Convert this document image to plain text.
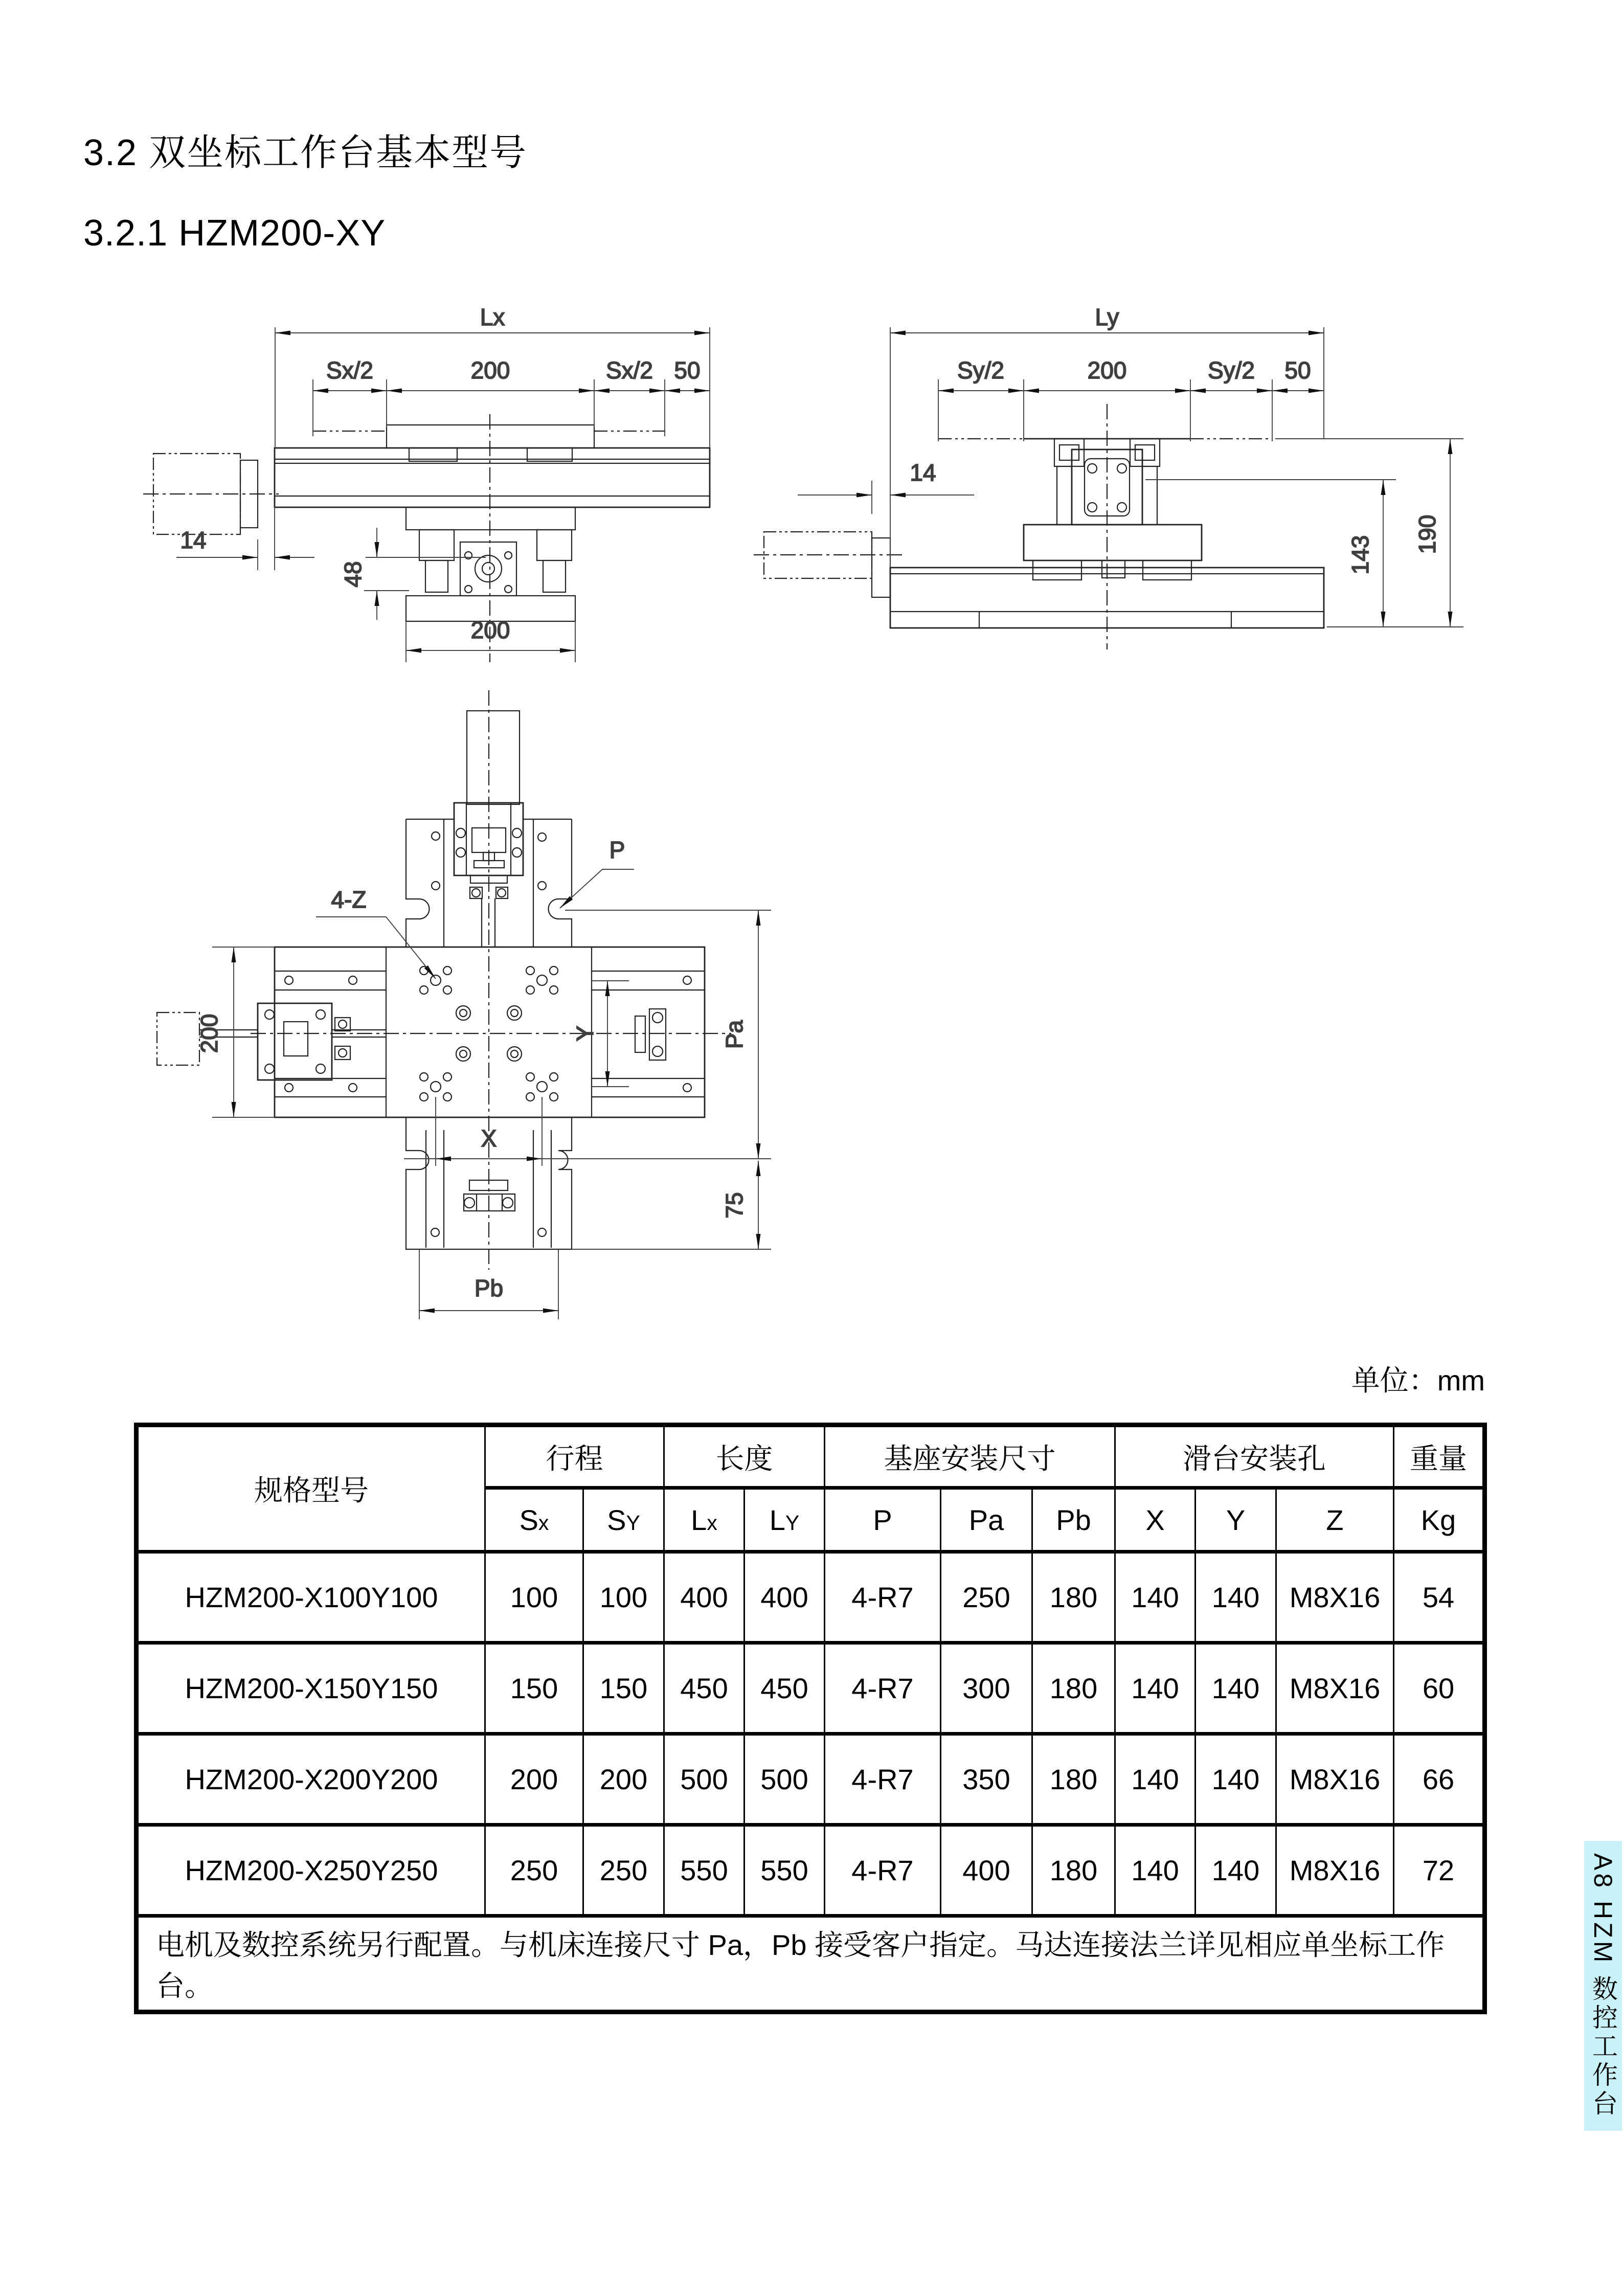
3.2 双坐标工作台基本型号
3.2.1 HZM200-XY
Lx
Sx/2	200	Sx/2 50
14
48
200
Ly
Sy/2	200	Sy/2 50
14
143
190
P
4-Z
200	Y	Pa
X
75
Pb
单位：mm
规格型号	行程		长度		基座安装尺寸			滑台安装孔			重量
	Sx	SY	Lx	LY	P	Pa	Pb	X	Y	Z	Kg
HZM200-X100Y100	100	100	400	400	4-R7	250	180	140	140	M8X16	54
HZM200-X150Y150	150	150	450	450	4-R7	300	180	140	140	M8X16	60
HZM200-X200Y200	200	200	500	500	4-R7	350	180	140	140	M8X16	66
HZM200-X250Y250	250	250	550	550	4-R7	400	180	140	140	M8X16	72
电机及数控系统另行配置。与机床连接尺寸 Pa，Pb 接受客户指定。马达连接法兰详见相应单坐标工作台。												A8 HZM 数控工作台
